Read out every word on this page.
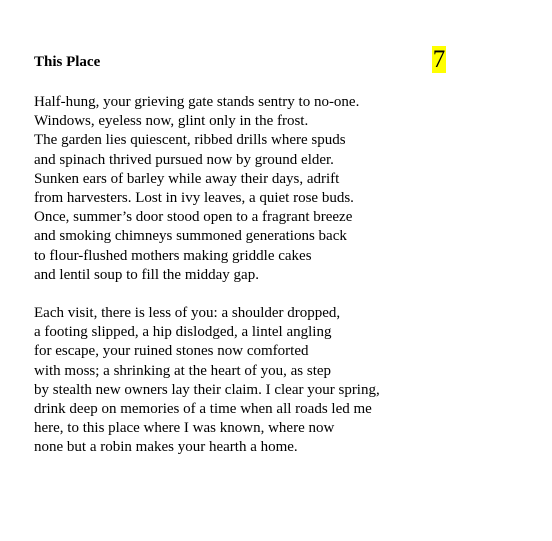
This Place	7
Half-hung, your grieving gate stands sentry to no-one.
Windows, eyeless now, glint only in the frost.
The garden lies quiescent, ribbed drills where spuds
and spinach thrived pursued now by ground elder.
Sunken ears of barley while away their days, adrift
from harvesters. Lost in ivy leaves, a quiet rose buds.
Once, summer’s door stood open to a fragrant breeze
and smoking chimneys summoned generations back
to flour-flushed mothers making griddle cakes
and lentil soup to fill the midday gap.
Each visit, there is less of you: a shoulder dropped,
a footing slipped, a hip dislodged, a lintel angling
for escape, your ruined stones now comforted
with moss; a shrinking at the heart of you, as step
by stealth new owners lay their claim. I clear your spring,
drink deep on memories of a time when all roads led me
here, to this place where I was known, where now
none but a robin makes your hearth a home.
